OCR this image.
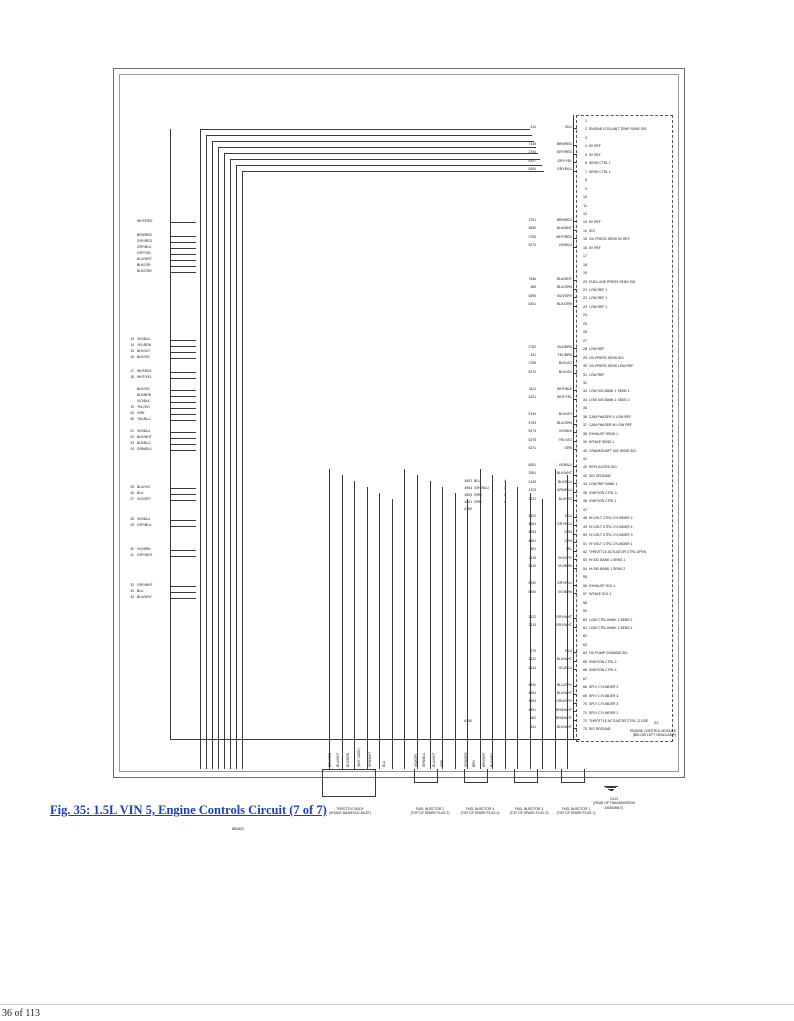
1
2 ENGINE COOLANT TEMP SENS SIG
3
4 5V REF
5 5V REF
6 SENS CTRL 1
7 SENS CTRL 1
8
9
10
11
12
13 5V REF
14 SIG
15 OIL PRESS SENS 5V REF
16 5V REF
17
18
19
20 FUEL LINE PRESS SENS SIG
21 LOW REF 1
22 LOW REF 1
23 LOW REF 1
24
25
26
27
28 LOW REF
29 OIL PRESS SENS SIG
30 OIL PRESS SENS LOW REF
31 LOW REF
32
33 LOW SIG BANK 1 SENS 1
34 LOW SIG BANK 1 SENS 2
35
36 CAM PHASER X LOW REF
37 CAM PHASER W LOW REF
38 EXHAUST SENS 1
39 INTAKE SENS 1
40 CRANKSHAFT 60X SENS SIG
41
42 REPLICATED SIG
43 SIG GROUND
44 LOW REF BANK 1
45 IGNITION CTRL 3
46 IGNITION CTRL 1
47
48 HI VOLT CTRL CYLINDER 2
49 HI VOLT CTRL CYLINDER 4
50 HI VOLT CTRL CYLINDER 3
51 HI VOLT CTRL CYLINDER 1
52 THROTTLE ACTUATOR CTRL OPEN
53 HI SIG BANK 1 SENS 1
54 HI SIG BANK 1 SENS 2
55
56 EXHAUST SOL 1
57 INTAKE SOL 1
58
59
60 LOW CTRL BANK 1 SENS 2
61 LOW CTRL BANK 1 SENS 1
62
63
64 OIL PUMP COMAND SIG
65 IGNITION CTRL 2
66 IGNITION CTRL 4
67
68 SPLY CYLINDER 2
69 SPLY CYLINDER 4
70 SPLY CYLINDER 3
71 SPLY CYLINDER 1
72 THROTTLE ACTUATOR CTRL CLOSE
73 SIG GROUND	ENGINE CONTROL MODULE
(BELOW LEFT HEADLAMP)
X2
410	BLU
7445	BRN/RED
2704	GRY/RED
5297	GRY/YEL
5300	GRY/BLU
2701	BRN/RED
3630	BLU/WHT
2705	WHT/RED
5270	VIO/BLU
7446	BLU/WHT
489	BLK/GRN
5296	BLK/GRY
5301	BLK/GRN
2752	BLK/BRN
331	YEL/BRN
2755	BLK/VIO
5272	BLK/VIO
3111	WHT/BLK
3121	WHT/YEL
9734	BLK/VIO
5753	BLK/GRN
5273	VIO/BLK
5275	YEL/VIO
6271	GRN
6091	VIO/BLU
2051	BLK/WHT
2129	BLK/BLU
2123	GRN/BLU
2121	BLU/VIO
4902	BLU
4904	GRY/BLU
4903	GRN
4901	GRN
561	YEL
3115	VIO/GRY
3120	VIO/BRN
5292	GRY/BLU
5284	VIO/BRN
3122	GRY/WHT
3113	GRY/WHT
179	BLU
2122	BLU/WHT
2124	YEL/BLU
4902	BLU/GRY
4904	BLU/WHT
4903	GRN/GRY
4901	BRN/WHT
562	BRN/WHT
151	BLK/WHT
WHT/RED
BRN/RED
GRY/RED
GRY/BLU
GRY/YEL
BLU/WHT
BLK/GRY
BLK/GRN
13 VIO/BLU
14 YEL/BRN
15 BLK/VIO
16 BLK/VIO
17 WHT/BLK
18 WHT/YEL
BLK/VIO
BLK/BRN
VIO/BLK
19 YEL/VIO
20 GRN
21 VIO/BLU
22 BLK/WHT
23 BLK/BLU
24 GRN/BLU
25 BLU/VIO
26 BLU
27 VIO/GRY
28 VIO/BLU
29 GRY/BLU
30 VIO/BRN
31 GRY/WHT
32 GRY/WHT
33 BLU
34 BLU/WHT
35 YEL/BLU
4902 BLU	4
4904 GRY/BLU	3
4903 GRN	1
4901 GRN	2
X350
A150
THROTTLE BODY
(INTAKE MANIFOLD INLET)
FUEL INJECTOR 2
(TOP OF SPARK PLUG 2)
FUEL INJECTOR 4
(TOP OF SPARK PLUG 4)
FUEL INJECTOR 3
(TOP OF SPARK PLUG 3)
FUEL INJECTOR 1
(TOP OF SPARK PLUG 1)
G113
(REAR OF TRANSMISSION ASSEMBLY)
BRN/RED BLU/WHT BLK/GRN (NOT USED) GRN/WHT	BLU	VIO/GRY GRN/BLU BLU/WHT GRN	GRN/GRY BRN BRN/WHT BLK/WHT
882631
Fig. 35: 1.5L VIN 5, Engine Controls Circuit (7 of 7)
36 of 113
